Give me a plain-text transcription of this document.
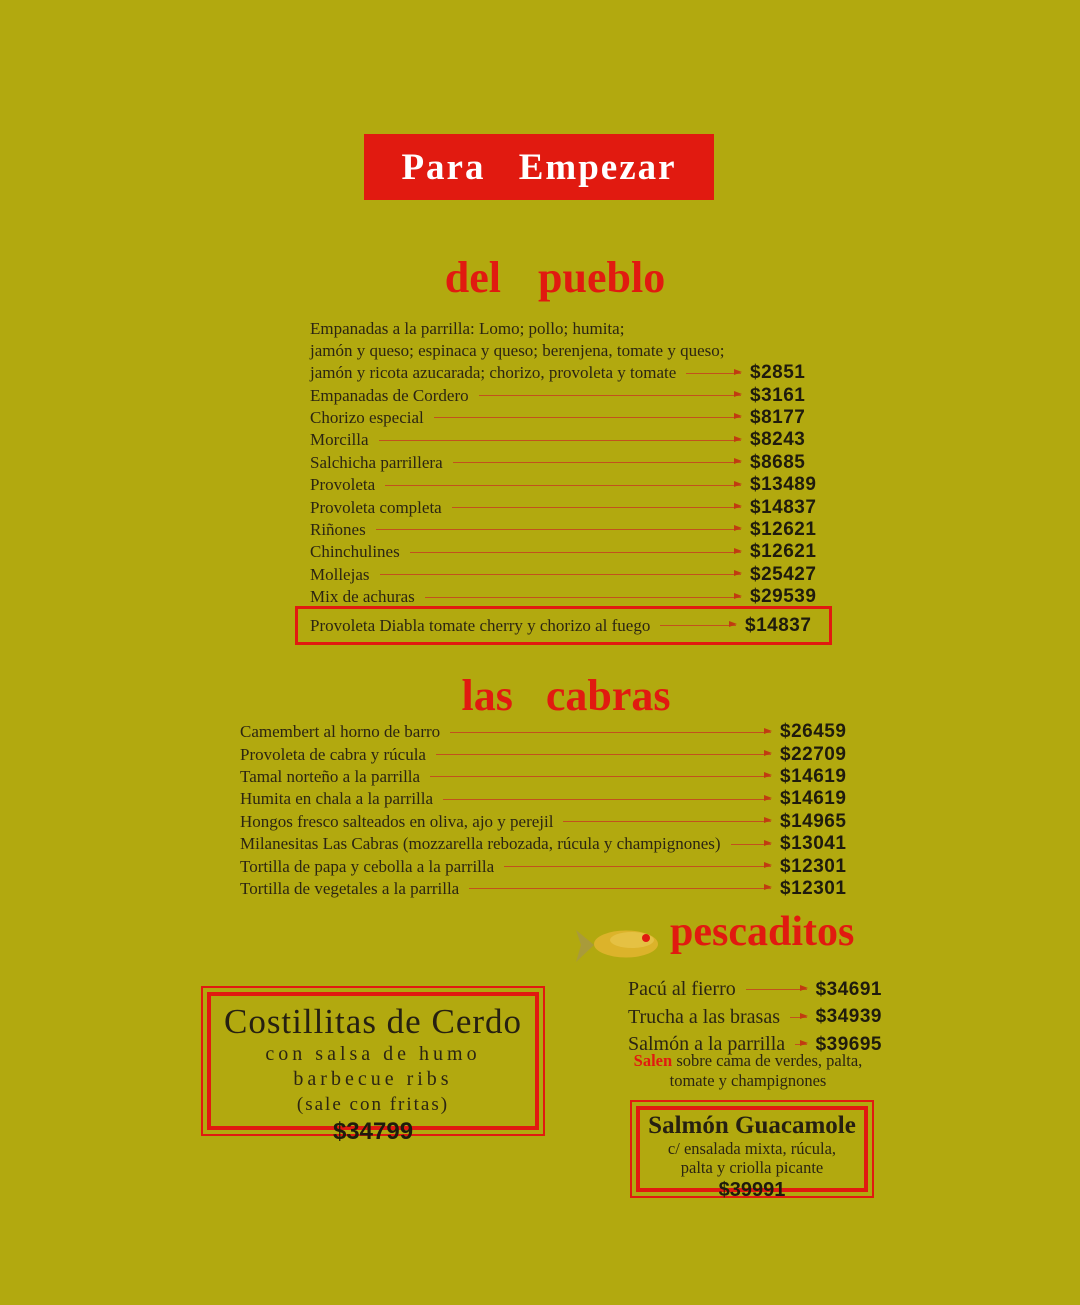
Para Empezar
del pueblo
Empanadas a la parrilla: Lomo; pollo; humita;
jamón y queso; espinaca y queso; berenjena, tomate y queso;
jamón y ricota azucarada; chorizo, provoleta y tomate	$2851
Empanadas de Cordero	$3161
Chorizo especial	$8177
Morcilla	$8243
Salchicha parrillera	$8685
Provoleta	$13489
Provoleta completa	$14837
Riñones	$12621
Chinchulines	$12621
Mollejas	$25427
Mix de achuras	$29539
Provoleta Diabla tomate cherry y chorizo al fuego	$14837
las cabras
Camembert al horno de barro	$26459
Provoleta de cabra y rúcula	$22709
Tamal norteño a la parrilla	$14619
Humita en chala a la parrilla	$14619
Hongos fresco salteados en oliva, ajo y perejil	$14965
Milanesitas Las Cabras (mozzarella rebozada, rúcula y champignones)	$13041
Tortilla de papa y cebolla a la parrilla	$12301
Tortilla de vegetales a la parrilla	$12301
pescaditos
Pacú al fierro	$34691
Trucha a las brasas $34939
Salmón a la parrilla $39695
Salen sobre cama de verdes, palta,
tomate y champignones
Salmón Guacamole
c/ ensalada mixta, rúcula,
palta y criolla picante
$39991
Costillitas de Cerdo
con salsa de humo
barbecue ribs
(sale con fritas)
$34799
